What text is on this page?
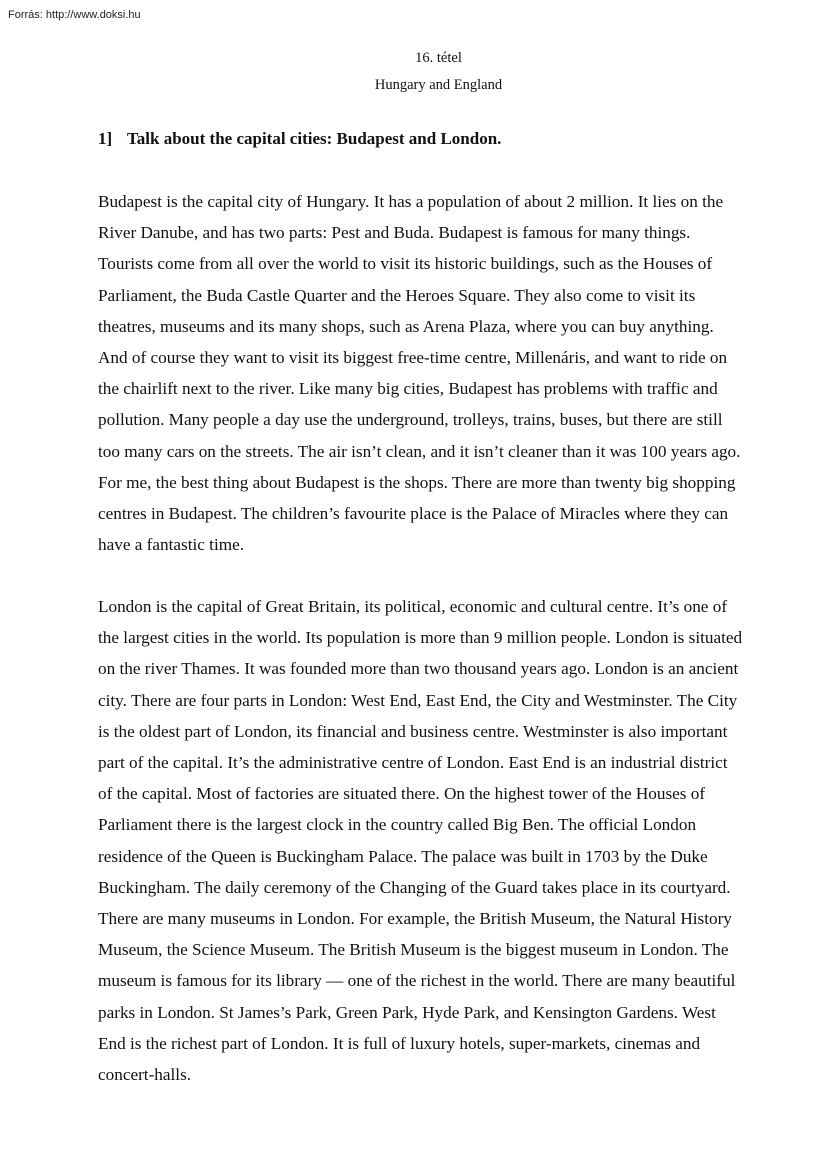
Forrás: http://www.doksi.hu
16. tétel
Hungary and England
1] Talk about the capital cities: Budapest and London.
Budapest is the capital city of Hungary. It has a population of about 2 million. It lies on the
River Danube, and has two parts: Pest and Buda. Budapest is famous for many things.
Tourists come from all over the world to visit its historic buildings, such as the Houses of
Parliament, the Buda Castle Quarter and the Heroes Square. They also come to visit its
theatres, museums and its many shops, such as Arena Plaza, where you can buy anything.
And of course they want to visit its biggest free-time centre, Millenáris, and want to ride on
the chairlift next to the river. Like many big cities, Budapest has problems with traffic and
pollution. Many people a day use the underground, trolleys, trains, buses, but there are still
too many cars on the streets. The air isn’t clean, and it isn’t cleaner than it was 100 years ago.
For me, the best thing about Budapest is the shops. There are more than twenty big shopping
centres in Budapest. The children’s favourite place is the Palace of Miracles where they can
have a fantastic time.
London is the capital of Great Britain, its political, economic and cultural centre. It’s one of
the largest cities in the world. Its population is more than 9 million people. London is situated
on the river Thames. It was founded more than two thousand years ago. London is an ancient
city. There are four parts in London: West End, East End, the City and Westminster. The City
is the oldest part of London, its financial and business centre. Westminster is also important
part of the capital. It’s the administrative centre of London. East End is an industrial district
of the capital. Most of factories are situated there. On the highest tower of the Houses of
Parliament there is the largest clock in the country called Big Ben. The official London
residence of the Queen is Buckingham Palace. The palace was built in 1703 by the Duke
Buckingham. The daily ceremony of the Changing of the Guard takes place in its courtyard.
There are many museums in London. For example, the British Museum, the Natural History
Museum, the Science Museum. The British Museum is the biggest museum in London. The
museum is famous for its library — one of the richest in the world. There are many beautiful
parks in London. St James’s Park, Green Park, Hyde Park, and Kensington Gardens. West
End is the richest part of London. It is full of luxury hotels, super-markets, cinemas and
concert-halls.
